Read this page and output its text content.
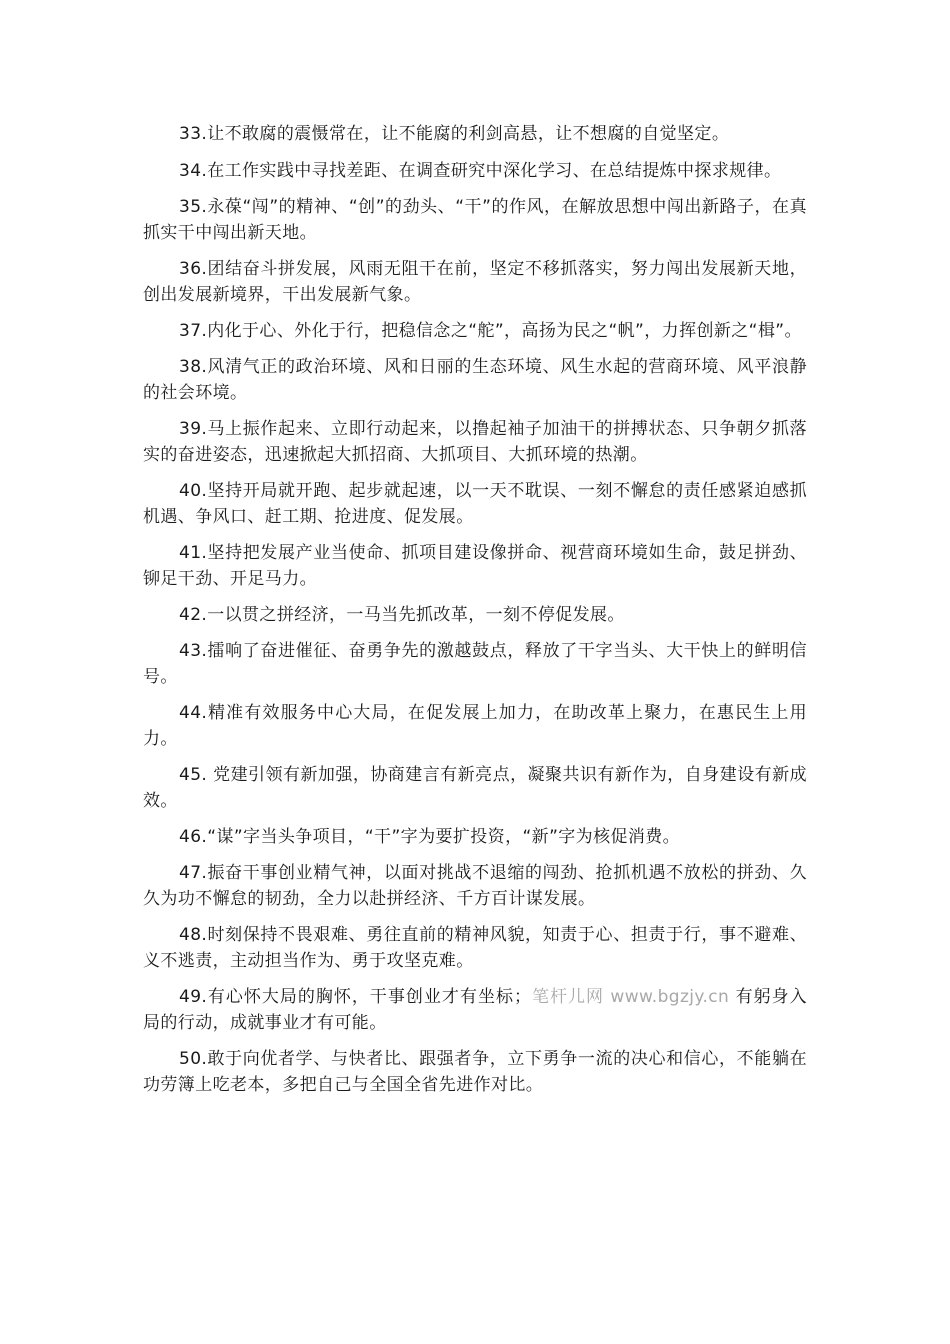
33.让不敢腐的震慑常在，让不能腐的利剑高悬，让不想腐的自觉坚定。

34.在工作实践中寻找差距、在调查研究中深化学习、在总结提炼中探求规律。

35.永葆“闯”的精神、“创”的劲头、“干”的作风，在解放思想中闯出新路子，在真抓实干中闯出新天地。

36.团结奋斗拼发展，风雨无阻干在前，坚定不移抓落实，努力闯出发展新天地，创出发展新境界，干出发展新气象。

37.内化于心、外化于行，把稳信念之“舵”，高扬为民之“帆”，力挥创新之“楫”。

38.风清气正的政治环境、风和日丽的生态环境、风生水起的营商环境、风平浪静的社会环境。

39.马上振作起来、立即行动起来，以撸起袖子加油干的拼搏状态、只争朝夕抓落实的奋进姿态，迅速掀起大抓招商、大抓项目、大抓环境的热潮。

40.坚持开局就开跑、起步就起速，以一天不耽误、一刻不懈怠的责任感紧迫感抓机遇、争风口、赶工期、抢进度、促发展。

41.坚持把发展产业当使命、抓项目建设像拼命、视营商环境如生命，鼓足拼劲、铆足干劲、开足马力。

42.一以贯之拼经济，一马当先抓改革，一刻不停促发展。

43.擂响了奋进催征、奋勇争先的激越鼓点，释放了干字当头、大干快上的鲜明信号。

44.精准有效服务中心大局，在促发展上加力，在助改革上聚力，在惠民生上用力。

45. 党建引领有新加强，协商建言有新亮点，凝聚共识有新作为，自身建设有新成效。

46.“谋”字当头争项目，“干”字为要扩投资，“新”字为核促消费。

47.振奋干事创业精气神，以面对挑战不退缩的闯劲、抢抓机遇不放松的拼劲、久久为功不懈怠的韧劲，全力以赴拼经济、千方百计谋发展。

48.时刻保持不畏艰难、勇往直前的精神风貌，知责于心、担责于行，事不避难、义不逃责，主动担当作为、勇于攻坚克难。

49.有心怀大局的胸怀，干事创业才有坐标；笔杆儿网 www.bgzjy.cn 有躬身入局的行动，成就事业才有可能。

50.敢于向优者学、与快者比、跟强者争，立下勇争一流的决心和信心，不能躺在功劳簿上吃老本，多把自己与全国全省先进作对比。
